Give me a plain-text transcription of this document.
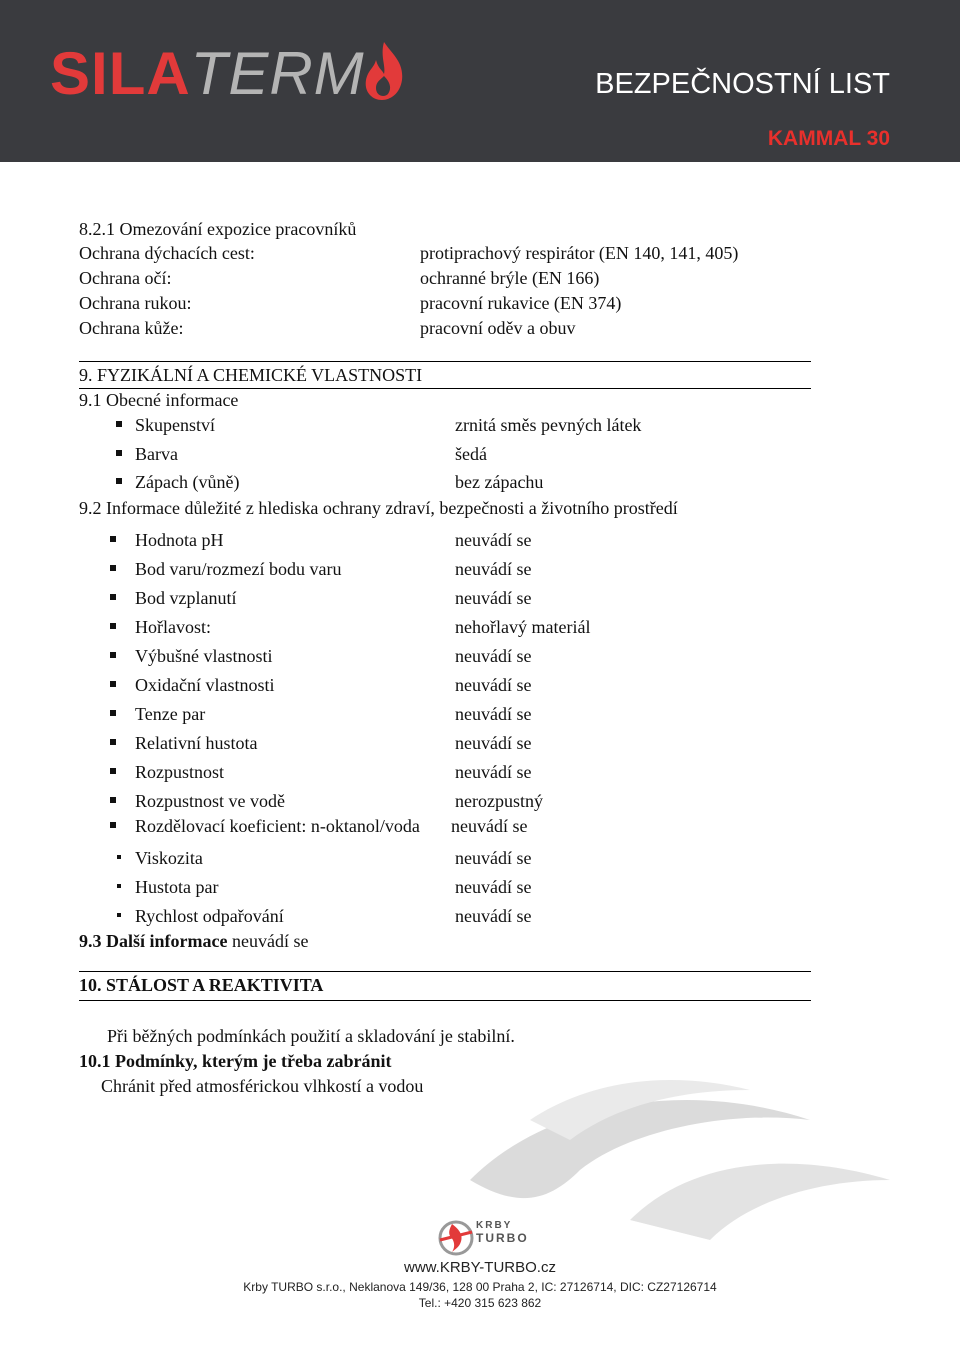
SILA TERM	BEZPEČNOSTNÍ LIST
KAMMAL 30
8.2.1 Omezování expozice pracovníků
Ochrana dýchacích cest:	protiprachový respirátor (EN 140, 141, 405)
Ochrana očí:	ochranné brýle (EN 166)
Ochrana rukou:	pracovní rukavice (EN 374)
Ochrana kůže:	pracovní oděv a obuv
9. FYZIKÁLNÍ A CHEMICKÉ VLASTNOSTI
9.1 Obecné informace
Skupenství	zrnitá směs pevných látek
Barva	šedá
Zápach (vůně)	bez zápachu
9.2 Informace důležité z hlediska ochrany zdraví, bezpečnosti a životního prostředí
Hodnota pH	neuvádí se
Bod varu/rozmezí bodu varu	neuvádí se
Bod vzplanutí	neuvádí se
Hořlavost:	nehořlavý materiál
Výbušné vlastnosti	neuvádí se
Oxidační vlastnosti	neuvádí se
Tenze par	neuvádí se
Relativní hustota	neuvádí se
Rozpustnost	neuvádí se
Rozpustnost ve vodě	nerozpustný
Rozdělovací koeficient: n-oktanol/voda neuvádí se
Viskozita	neuvádí se
Hustota par	neuvádí se
Rychlost odpařování	neuvádí se
9.3 Další informace neuvádí se
10. STÁLOST A REAKTIVITA
Při běžných podmínkách použití a skladování je stabilní.
10.1 Podmínky, kterým je třeba zabránit
Chránit před atmosférickou vlhkostí a vodou
KRBY
TURBO
www.KRBY-TURBO.cz
Krby TURBO s.r.o., Neklanova 149/36, 128 00 Praha 2, IC: 27126714, DIC: CZ27126714
Tel.: +420 315 623 862
